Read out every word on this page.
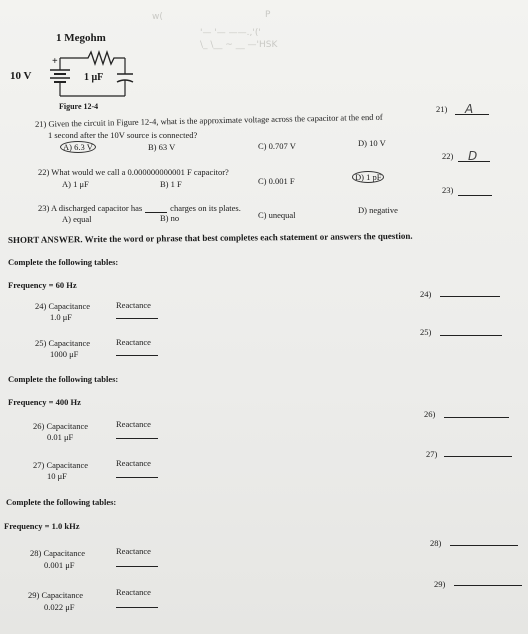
w(	P
'— '— ——.,'('
\_ \__ ~ __ —'HSK
1 Megohm
10 V
+
1 μF
Figure 12-4
21) Given the circuit in Figure 12-4, what is the approximate voltage across the capacitor at the end of
1 second after the 10V source is connected?
21)	A
A) 6.3 V	B) 63 V	C) 0.707 V	D) 10 V
22)	D
22) What would we call a 0.000000000001 F capacitor?
A) 1 μF	B) 1 F	C) 0.001 F	D) 1 pF
23)
23) A discharged capacitor has	charges on its plates.
A) equal	B) no	C) unequal	D) negative
SHORT ANSWER. Write the word or phrase that best completes each statement or answers the question.
Complete the following tables:
Frequency = 60 Hz
24)
24) Capacitance
1.0 μF
Reactance
25)
25) Capacitance
1000 μF
Reactance
Complete the following tables:
Frequency = 400 Hz
26)
26) Capacitance
0.01 μF
Reactance
27)
27) Capacitance
10 μF
Reactance
Complete the following tables:
Frequency = 1.0 kHz
28)
28) Capacitance
0.001 μF
Reactance
29)
29) Capacitance
0.022 μF
Reactance
